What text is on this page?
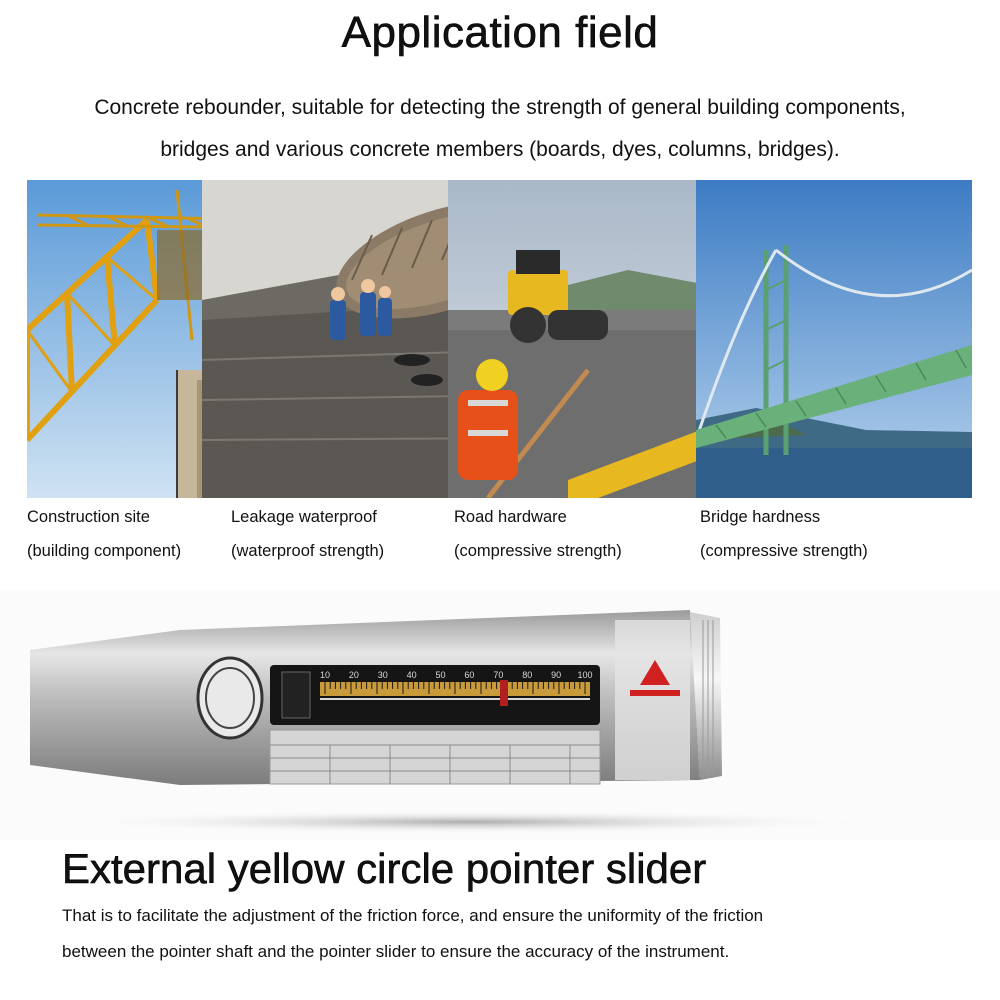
Application field
Concrete rebounder, suitable for detecting the strength of general building components,
bridges and various concrete members (boards, dyes, columns, bridges).
Construction site
(building component)
Leakage waterproof
(waterproof strength)
Road hardware
(compressive strength)
Bridge hardness
(compressive strength)
10 20 30 40 50 60 70 80 90 100
External yellow circle pointer slider
That is to facilitate the adjustment of the friction force, and ensure the uniformity of the friction
between the pointer shaft and the pointer slider to ensure the accuracy of the instrument.
